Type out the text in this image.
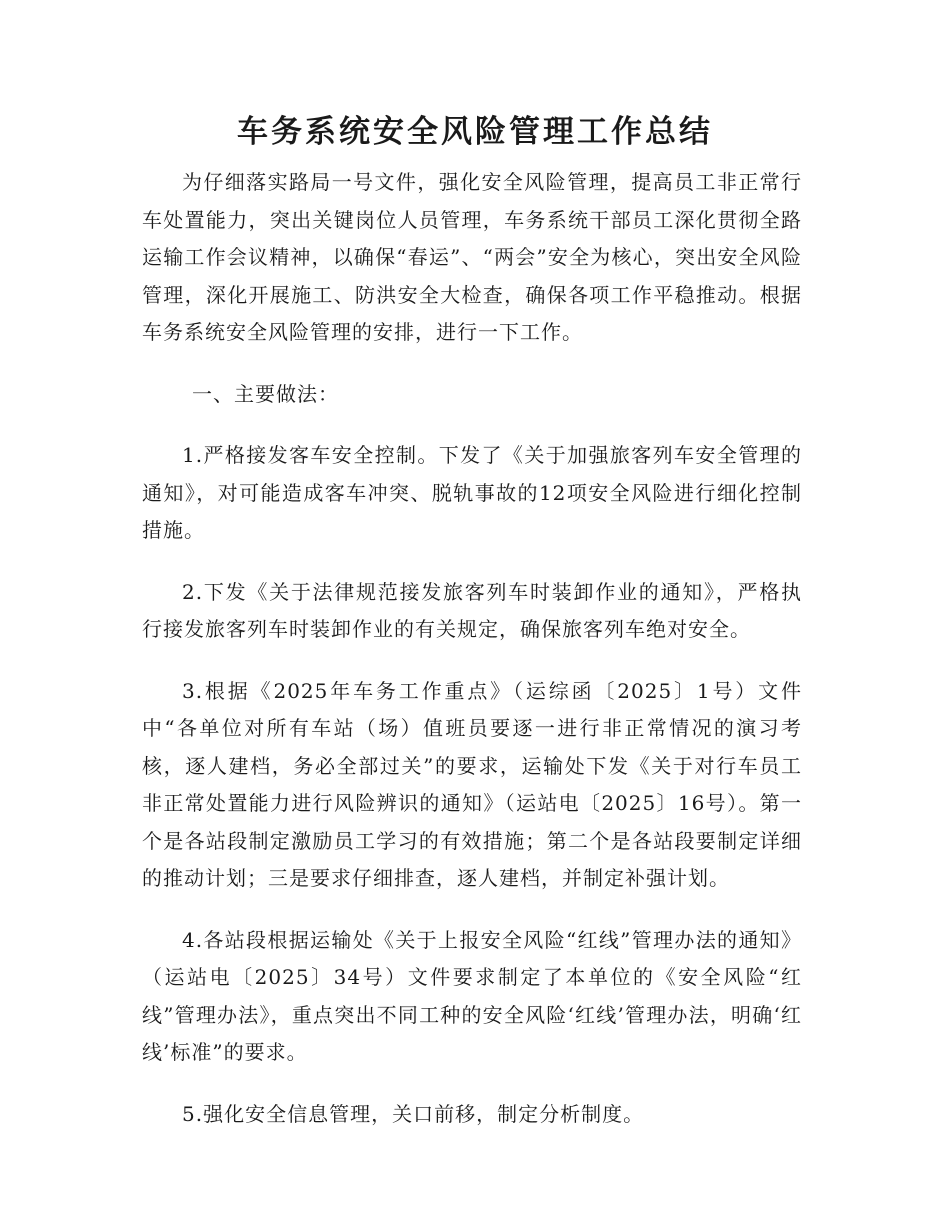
车务系统安全风险管理工作总结

为仔细落实路局一号文件，强化安全风险管理，提高员工非正常行车处置能力，突出关键岗位人员管理，车务系统干部员工深化贯彻全路运输工作会议精神，以确保“春运”、“两会”安全为核心，突出安全风险管理，深化开展施工、防洪安全大检查，确保各项工作平稳推动。根据车务系统安全风险管理的安排，进行一下工作。

一、主要做法：

1.严格接发客车安全控制。下发了《关于加强旅客列车安全管理的通知》，对可能造成客车冲突、脱轨事故的12项安全风险进行细化控制措施。

2.下发《关于法律规范接发旅客列车时装卸作业的通知》，严格执行接发旅客列车时装卸作业的有关规定，确保旅客列车绝对安全。

3.根据《2025年车务工作重点》（运综函〔2025〕1号）文件中“各单位对所有车站（场）值班员要逐一进行非正常情况的演习考核，逐人建档，务必全部过关”的要求，运输处下发《关于对行车员工非正常处置能力进行风险辨识的通知》（运站电〔2025〕16号）。第一个是各站段制定激励员工学习的有效措施；第二个是各站段要制定详细的推动计划；三是要求仔细排查，逐人建档，并制定补强计划。

4.各站段根据运输处《关于上报安全风险“红线”管理办法的通知》（运站电〔2025〕34号）文件要求制定了本单位的《安全风险“红线”管理办法》，重点突出不同工种的安全风险‘红线’管理办法，明确‘红线’标准”的要求。

5.强化安全信息管理，关口前移，制定分析制度。
